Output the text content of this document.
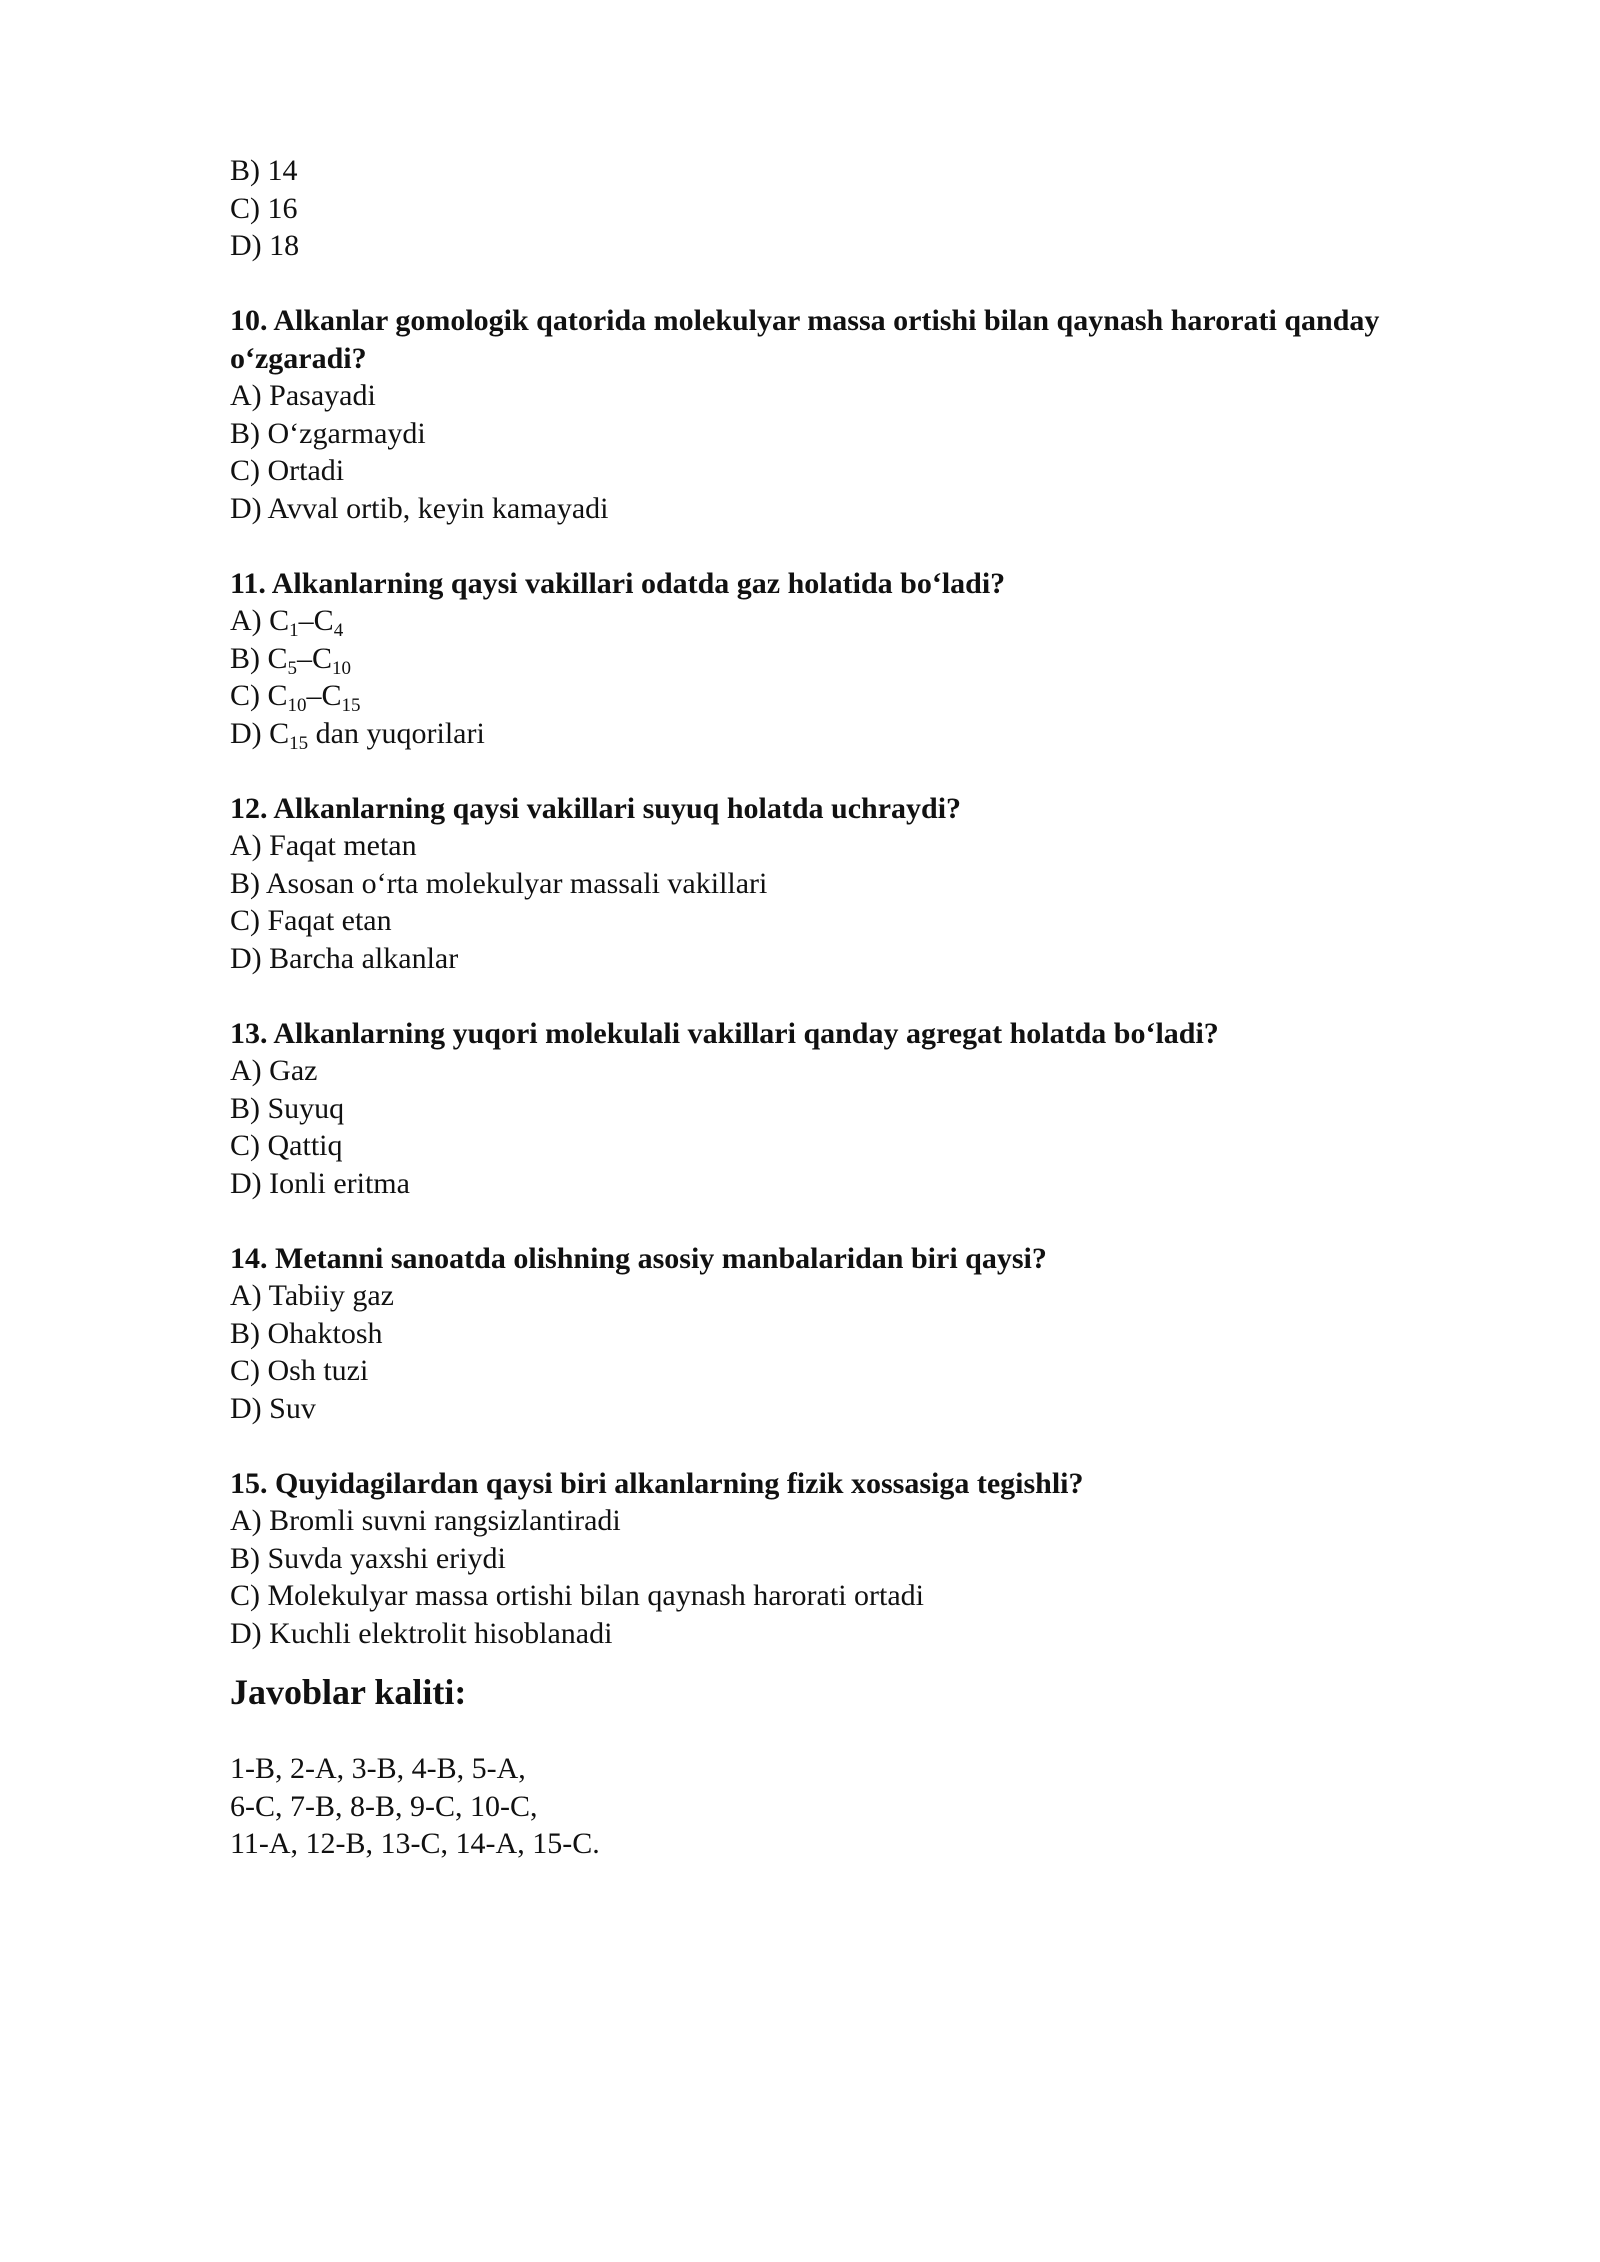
B) 14
C) 16
D) 18
10. Alkanlar gomologik qatorida molekulyar massa ortishi bilan qaynash harorati qanday o‘zgaradi?
A) Pasayadi
B) O‘zgarmaydi
C) Ortadi
D) Avval ortib, keyin kamayadi
11. Alkanlarning qaysi vakillari odatda gaz holatida bo‘ladi?
A) $C_1-C_4$
B) $C_5-C_{10}$
C) $C_{10}-C_{15}$
D) $C_{15}$ dan yuqorilari
12. Alkanlarning qaysi vakillari suyuq holatda uchraydi?
A) Faqat metan
B) Asosan o‘rta molekulyar massali vakillari
C) Faqat etan
D) Barcha alkanlar
13. Alkanlarning yuqori molekulali vakillari qanday agregat holatda bo‘ladi?
A) Gaz
B) Suyuq
C) Qattiq
D) Ionli eritma
14. Metanni sanoatda olishning asosiy manbalaridan biri qaysi?
A) Tabiiy gaz
B) Ohaktosh
C) Osh tuzi
D) Suv
15. Quyidagilardan qaysi biri alkanlarning fizik xossasiga tegishli?
A) Bromli suvni rangsizlantiradi
B) Suvda yaxshi eriydi
C) Molekulyar massa ortishi bilan qaynash harorati ortadi
D) Kuchli elektrolit hisoblanadi
Javoblar kaliti:
1-B, 2-A, 3-B, 4-B, 5-A,
6-C, 7-B, 8-B, 9-C, 10-C,
11-A, 12-B, 13-C, 14-A, 15-C.
